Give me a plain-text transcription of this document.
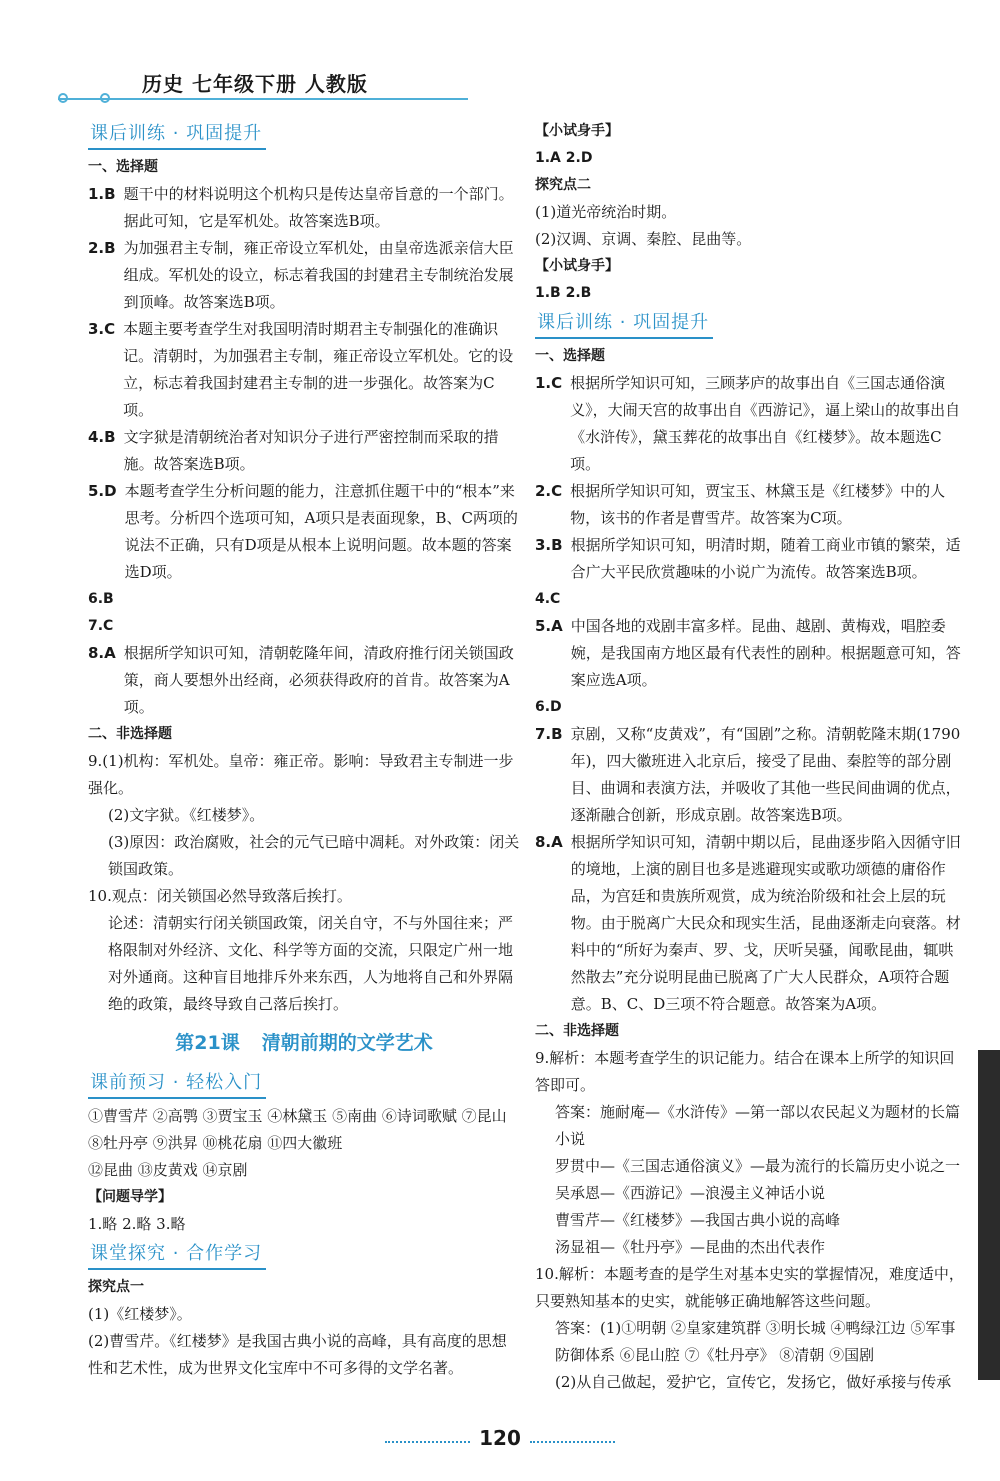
历史 七年级下册 人教版
课后训练 · 巩固提升
一、选择题
1.B 题干中的材料说明这个机构只是传达皇帝旨意的一个部门。据此可知，它是军机处。故答案选B项。
2.B 为加强君主专制，雍正帝设立军机处，由皇帝选派亲信大臣组成。军机处的设立，标志着我国的封建君主专制统治发展到顶峰。故答案选B项。
3.C 本题主要考查学生对我国明清时期君主专制强化的准确识记。清朝时，为加强君主专制，雍正帝设立军机处。它的设立，标志着我国封建君主专制的进一步强化。故答案为C项。
4.B 文字狱是清朝统治者对知识分子进行严密控制而采取的措施。故答案选B项。
5.D 本题考查学生分析问题的能力，注意抓住题干中的“根本”来思考。分析四个选项可知，A项只是表面现象，B、C两项的说法不正确，只有D项是从根本上说明问题。故本题的答案选D项。
6.B
7.C
8.A 根据所学知识可知，清朝乾隆年间，清政府推行闭关锁国政策，商人要想外出经商，必须获得政府的首肯。故答案为A项。
二、非选择题
9.(1)机构：军机处。皇帝：雍正帝。影响：导致君主专制进一步强化。
(2)文字狱。《红楼梦》。
(3)原因：政治腐败，社会的元气已暗中凋耗。对外政策：闭关锁国政策。
10.观点：闭关锁国必然导致落后挨打。
论述：清朝实行闭关锁国政策，闭关自守，不与外国往来；严格限制对外经济、文化、科学等方面的交流，只限定广州一地对外通商。这种盲目地排斥外来东西，人为地将自己和外界隔绝的政策，最终导致自己落后挨打。
第21课 清朝前期的文学艺术
课前预习 · 轻松入门
①曹雪芹 ②高鹗 ③贾宝玉 ④林黛玉 ⑤南曲 ⑥诗词歌赋 ⑦昆山 ⑧牡丹亭 ⑨洪昇 ⑩桃花扇 ⑪四大徽班
⑫昆曲 ⑬皮黄戏 ⑭京剧
【问题导学】
1.略 2.略 3.略
课堂探究 · 合作学习
探究点一
(1)《红楼梦》。
(2)曹雪芹。《红楼梦》是我国古典小说的高峰，具有高度的思想性和艺术性，成为世界文化宝库中不可多得的文学名著。
【小试身手】
1.A 2.D
探究点二
(1)道光帝统治时期。
(2)汉调、京调、秦腔、昆曲等。
【小试身手】
1.B 2.B
课后训练 · 巩固提升
一、选择题
1.C 根据所学知识可知，三顾茅庐的故事出自《三国志通俗演义》，大闹天宫的故事出自《西游记》，逼上梁山的故事出自《水浒传》，黛玉葬花的故事出自《红楼梦》。故本题选C项。
2.C 根据所学知识可知，贾宝玉、林黛玉是《红楼梦》中的人物，该书的作者是曹雪芹。故答案为C项。
3.B 根据所学知识可知，明清时期，随着工商业市镇的繁荣，适合广大平民欣赏趣味的小说广为流传。故答案选B项。
4.C
5.A 中国各地的戏剧丰富多样。昆曲、越剧、黄梅戏，唱腔委婉，是我国南方地区最有代表性的剧种。根据题意可知，答案应选A项。
6.D
7.B 京剧，又称“皮黄戏”，有“国剧”之称。清朝乾隆末期(1790年)，四大徽班进入北京后，接受了昆曲、秦腔等的部分剧目、曲调和表演方法，并吸收了其他一些民间曲调的优点，逐渐融合创新，形成京剧。故答案选B项。
8.A 根据所学知识可知，清朝中期以后，昆曲逐步陷入因循守旧的境地，上演的剧目也多是逃避现实或歌功颂德的庸俗作品，为宫廷和贵族所观赏，成为统治阶级和社会上层的玩物。由于脱离广大民众和现实生活，昆曲逐渐走向衰落。材料中的“所好为秦声、罗、戈，厌听吴骚，闻歌昆曲，辄哄然散去”充分说明昆曲已脱离了广大人民群众，A项符合题意。B、C、D三项不符合题意。故答案为A项。
二、非选择题
9.解析：本题考查学生的识记能力。结合在课本上所学的知识回答即可。
答案：施耐庵—《水浒传》—第一部以农民起义为题材的长篇小说
罗贯中—《三国志通俗演义》—最为流行的长篇历史小说之一
吴承恩—《西游记》—浪漫主义神话小说
曹雪芹—《红楼梦》—我国古典小说的高峰
汤显祖—《牡丹亭》—昆曲的杰出代表作
10.解析：本题考查的是学生对基本史实的掌握情况，难度适中，只要熟知基本的史实，就能够正确地解答这些问题。
答案：(1)①明朝 ②皇家建筑群 ③明长城 ④鸭绿江边 ⑤军事防御体系 ⑥昆山腔 ⑦《牡丹亭》 ⑧清朝 ⑨国剧
(2)从自己做起，爱护它，宣传它，发扬它，做好承接与传承
120
